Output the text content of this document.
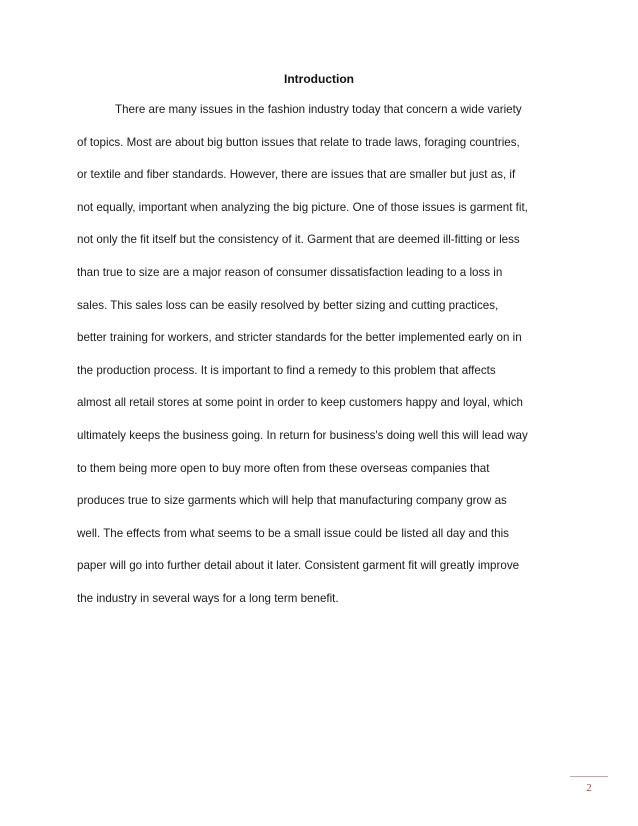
Introduction
There are many issues in the fashion industry today that concern a wide variety
of topics. Most are about big button issues that relate to trade laws, foraging countries,
or textile and fiber standards. However, there are issues that are smaller but just as, if
not equally, important when analyzing the big picture. One of those issues is garment fit,
not only the fit itself but the consistency of it. Garment that are deemed ill-fitting or less
than true to size are a major reason of consumer dissatisfaction leading to a loss in
sales. This sales loss can be easily resolved by better sizing and cutting practices,
better training for workers, and stricter standards for the better implemented early on in
the production process. It is important to find a remedy to this problem that affects
almost all retail stores at some point in order to keep customers happy and loyal, which
ultimately keeps the business going. In return for business's doing well this will lead way
to them being more open to buy more often from these overseas companies that
produces true to size garments which will help that manufacturing company grow as
well. The effects from what seems to be a small issue could be listed all day and this
paper will go into further detail about it later. Consistent garment fit will greatly improve
the industry in several ways for a long term benefit.
2
